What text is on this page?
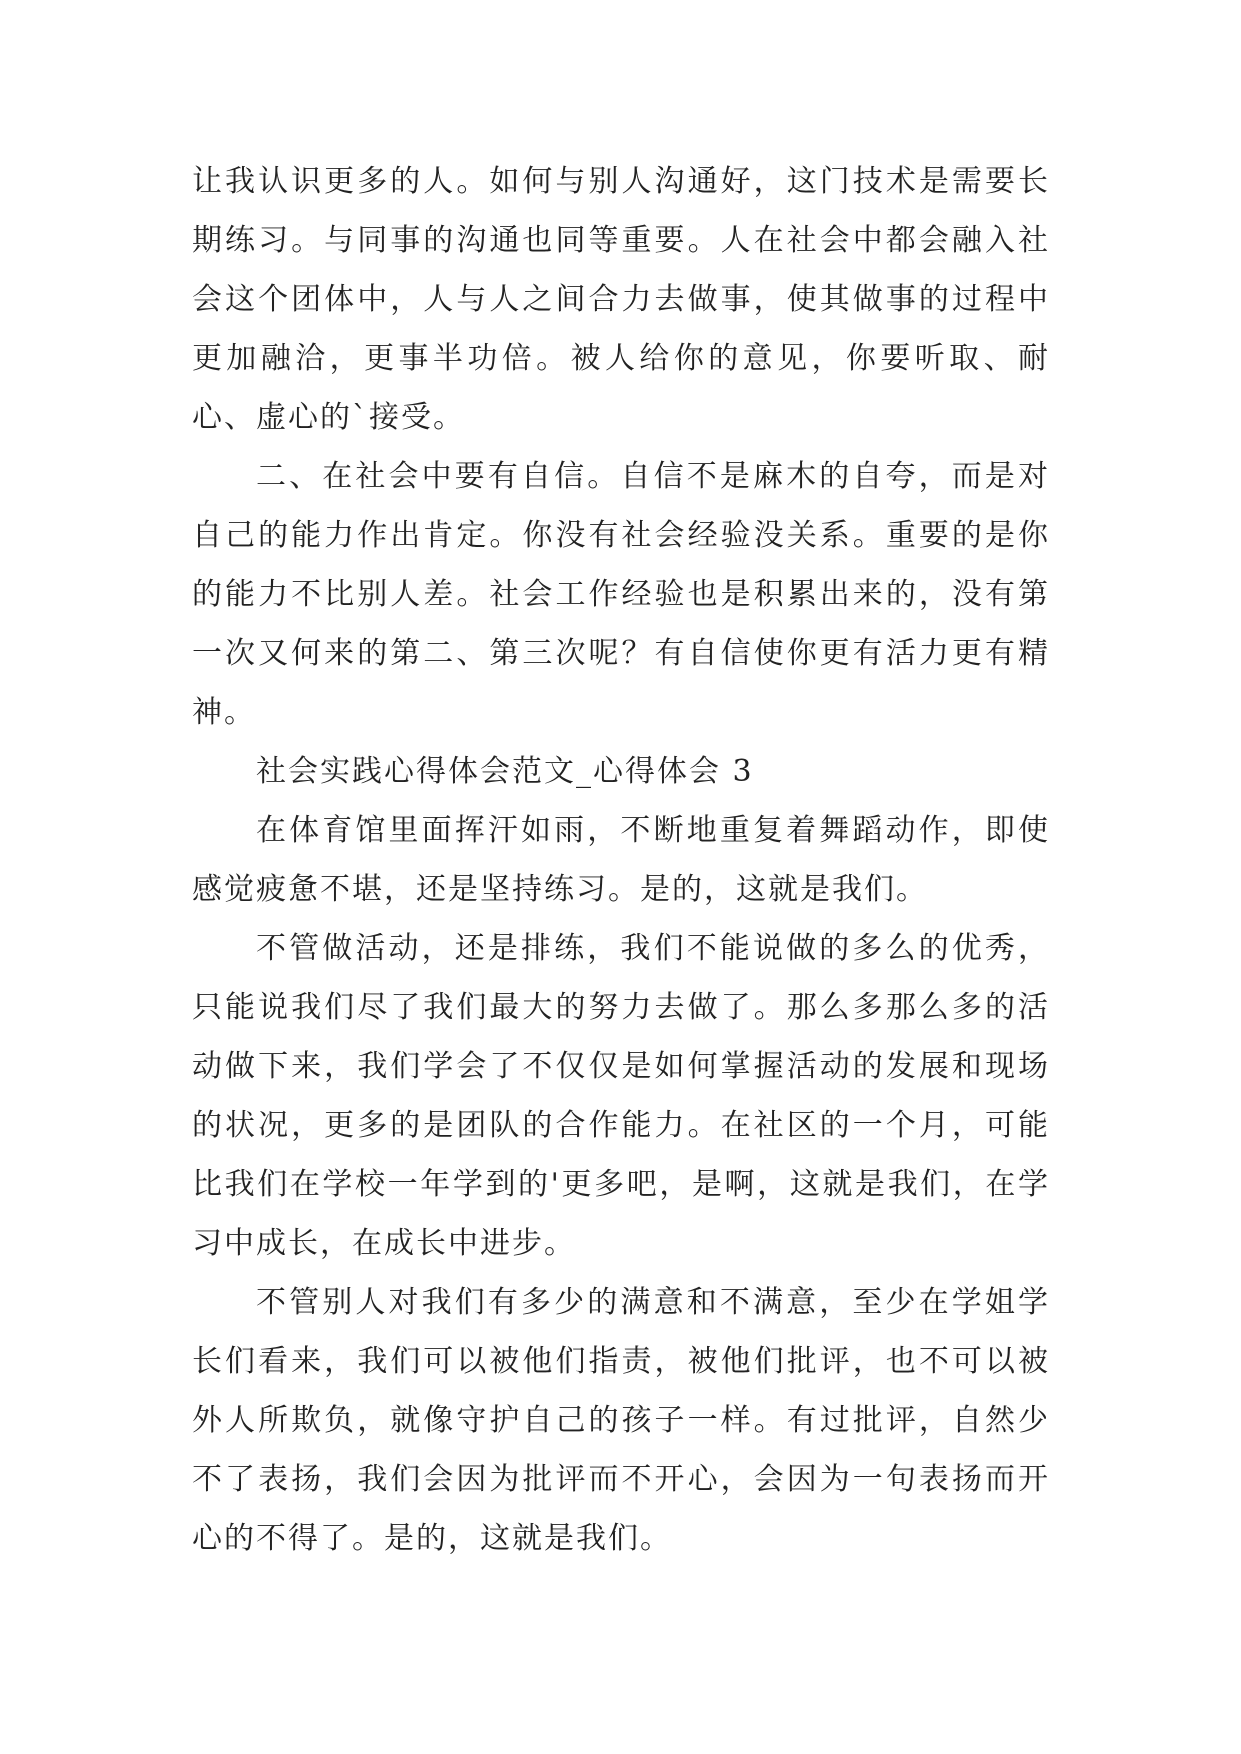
让我认识更多的人。如何与别人沟通好，这门技术是需要长期练习。与同事的沟通也同等重要。人在社会中都会融入社会这个团体中，人与人之间合力去做事，使其做事的过程中更加融洽，更事半功倍。被人给你的意见，你要听取、耐心、虚心的`接受。

二、在社会中要有自信。自信不是麻木的自夸，而是对自己的能力作出肯定。你没有社会经验没关系。重要的是你的能力不比别人差。社会工作经验也是积累出来的，没有第一次又何来的第二、第三次呢？有自信使你更有活力更有精神。

社会实践心得体会范文_心得体会 3

在体育馆里面挥汗如雨，不断地重复着舞蹈动作，即使感觉疲惫不堪，还是坚持练习。是的，这就是我们。

不管做活动，还是排练，我们不能说做的多么的优秀，只能说我们尽了我们最大的努力去做了。那么多那么多的活动做下来，我们学会了不仅仅是如何掌握活动的发展和现场的状况，更多的是团队的合作能力。在社区的一个月，可能比我们在学校一年学到的'更多吧，是啊，这就是我们，在学习中成长，在成长中进步。

不管别人对我们有多少的满意和不满意，至少在学姐学长们看来，我们可以被他们指责，被他们批评，也不可以被外人所欺负，就像守护自己的孩子一样。有过批评，自然少不了表扬，我们会因为批评而不开心，会因为一句表扬而开心的不得了。是的，这就是我们。
